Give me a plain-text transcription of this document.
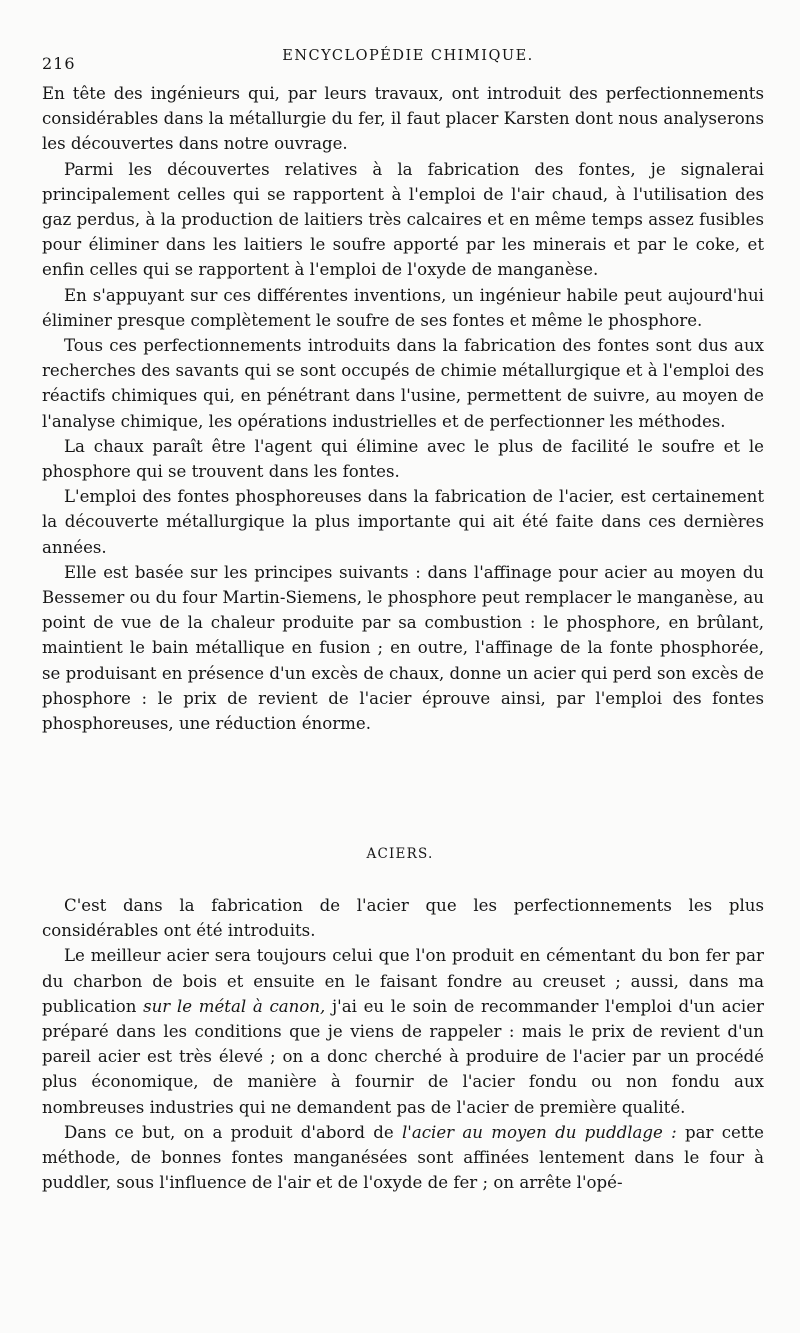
216	ENCYCLOPÉDIE CHIMIQUE.

En tête des ingénieurs qui, par leurs travaux, ont introduit des perfectionnements considérables dans la métallurgie du fer, il faut placer Karsten dont nous analyserons les découvertes dans notre ouvrage.

Parmi les découvertes relatives à la fabrication des fontes, je signalerai principalement celles qui se rapportent à l'emploi de l'air chaud, à l'utilisation des gaz perdus, à la production de laitiers très calcaires et en même temps assez fusibles pour éliminer dans les laitiers le soufre apporté par les minerais et par le coke, et enfin celles qui se rapportent à l'emploi de l'oxyde de manganèse.

En s'appuyant sur ces différentes inventions, un ingénieur habile peut aujourd'hui éliminer presque complètement le soufre de ses fontes et même le phosphore.

Tous ces perfectionnements introduits dans la fabrication des fontes sont dus aux recherches des savants qui se sont occupés de chimie métallurgique et à l'emploi des réactifs chimiques qui, en pénétrant dans l'usine, permettent de suivre, au moyen de l'analyse chimique, les opérations industrielles et de perfectionner les méthodes.

La chaux paraît être l'agent qui élimine avec le plus de facilité le soufre et le phosphore qui se trouvent dans les fontes.

L'emploi des fontes phosphoreuses dans la fabrication de l'acier, est certainement la découverte métallurgique la plus importante qui ait été faite dans ces dernières années.

Elle est basée sur les principes suivants : dans l'affinage pour acier au moyen du Bessemer ou du four Martin-Siemens, le phosphore peut remplacer le manganèse, au point de vue de la chaleur produite par sa combustion : le phosphore, en brûlant, maintient le bain métallique en fusion ; en outre, l'affinage de la fonte phosphorée, se produisant en présence d'un excès de chaux, donne un acier qui perd son excès de phosphore : le prix de revient de l'acier éprouve ainsi, par l'emploi des fontes phosphoreuses, une réduction énorme.

ACIERS.

C'est dans la fabrication de l'acier que les perfectionnements les plus considérables ont été introduits.

Le meilleur acier sera toujours celui que l'on produit en cémentant du bon fer par du charbon de bois et ensuite en le faisant fondre au creuset ; aussi, dans ma publication sur le métal à canon, j'ai eu le soin de recommander l'emploi d'un acier préparé dans les conditions que je viens de rappeler : mais le prix de revient d'un pareil acier est très élevé ; on a donc cherché à produire de l'acier par un procédé plus économique, de manière à fournir de l'acier fondu ou non fondu aux nombreuses industries qui ne demandent pas de l'acier de première qualité.

Dans ce but, on a produit d'abord de l'acier au moyen du puddlage : par cette méthode, de bonnes fontes manganésées sont affinées lentement dans le four à puddler, sous l'influence de l'air et de l'oxyde de fer ; on arrête l'opé-
